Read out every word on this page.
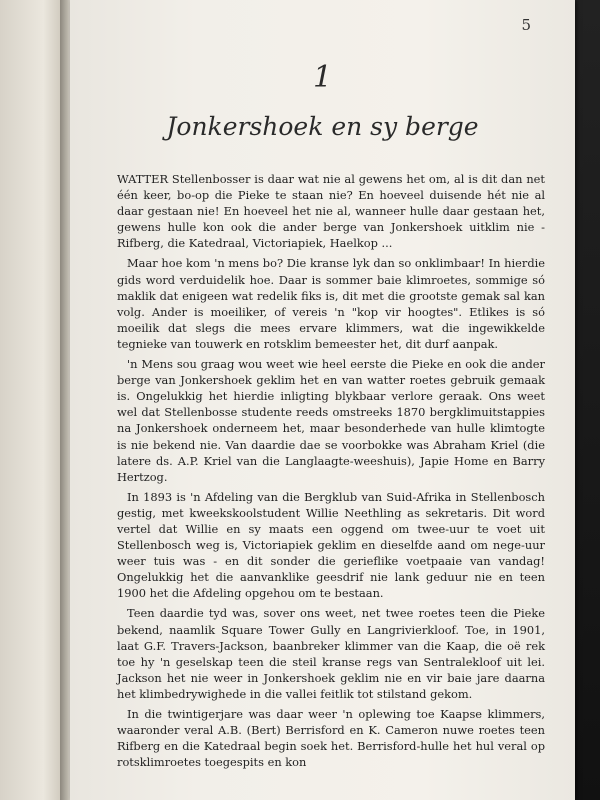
5
1
Jonkershoek en sy berge

WATTER Stellenbosser is daar wat nie al gewens het om, al is dit dan net één keer, bo-op die Pieke te staan nie? En hoeveel duisende hét nie al daar gestaan nie! En hoeveel het nie al, wanneer hulle daar gestaan het, gewens hulle kon ook die ander berge van Jonkershoek uitklim nie - Rifberg, die Katedraal, Victoriapiek, Haelkop ...

Maar hoe kom 'n mens bo? Die kranse lyk dan so onklimbaar! In hierdie gids word verduidelik hoe. Daar is sommer baie klimroetes, sommige só maklik dat enigeen wat redelik fiks is, dit met die grootste gemak sal kan volg. Ander is moeiliker, of vereis 'n "kop vir hoogtes". Etlikes is só moeilik dat slegs die mees ervare klimmers, wat die ingewikkelde tegnieke van touwerk en rotsklim bemeester het, dit durf aanpak.

'n Mens sou graag wou weet wie heel eerste die Pieke en ook die ander berge van Jonkershoek geklim het en van watter roetes gebruik gemaak is. Ongelukkig het hierdie inligting blykbaar verlore geraak. Ons weet wel dat Stellenbosse studente reeds omstreeks 1870 bergklimuitstappies na Jonkershoek onderneem het, maar besonderhede van hulle klimtogte is nie bekend nie. Van daardie dae se voorbokke was Abraham Kriel (die latere ds. A.P. Kriel van die Langlaagte-weeshuis), Japie Home en Barry Hertzog.

In 1893 is 'n Afdeling van die Bergklub van Suid-Afrika in Stellenbosch gestig, met kweekskoolstudent Willie Neethling as sekretaris. Dit word vertel dat Willie en sy maats een oggend om twee-uur te voet uit Stellenbosch weg is, Victoriapiek geklim en dieselfde aand om nege-uur weer tuis was - en dit sonder die gerieflike voetpaaie van vandag! Ongelukkig het die aanvanklike geesdrif nie lank geduur nie en teen 1900 het die Afdeling opgehou om te bestaan.

Teen daardie tyd was, sover ons weet, net twee roetes teen die Pieke bekend, naamlik Square Tower Gully en Langrivierkloof. Toe, in 1901, laat G.F. Travers-Jackson, baanbreker klimmer van die Kaap, die oë rek toe hy 'n geselskap teen die steil kranse regs van Sentralekloof uit lei. Jackson het nie weer in Jonkershoek geklim nie en vir baie jare daarna het klimbedrywighede in die vallei feitlik tot stilstand gekom.

In die twintigerjare was daar weer 'n oplewing toe Kaapse klimmers, waaronder veral A.B. (Bert) Berrisford en K. Cameron nuwe roetes teen Rifberg en die Katedraal begin soek het. Berrisford-hulle het hul veral op rotsklimroetes toegespits en kon
